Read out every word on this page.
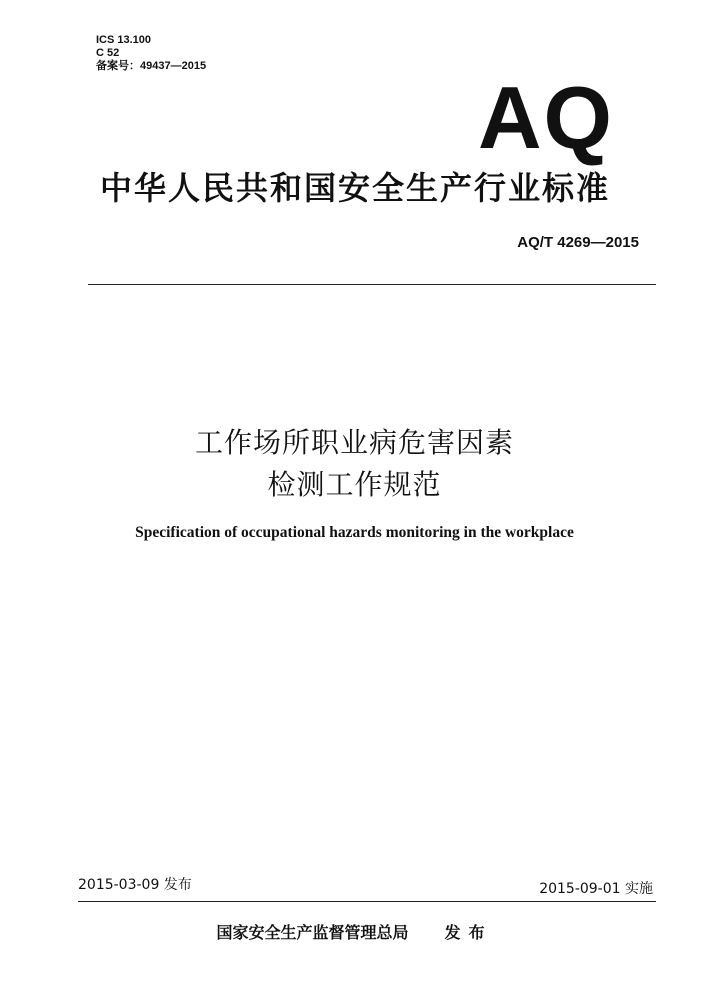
ICS 13.100
C 52
备案号：49437—2015
AQ
中华人民共和国安全生产行业标准
AQ/T 4269—2015
工作场所职业病危害因素
检测工作规范
Specification of occupational hazards monitoring in the workplace
2015-03-09 发布	2015-09-01 实施
国家安全生产监督管理总局 发布
